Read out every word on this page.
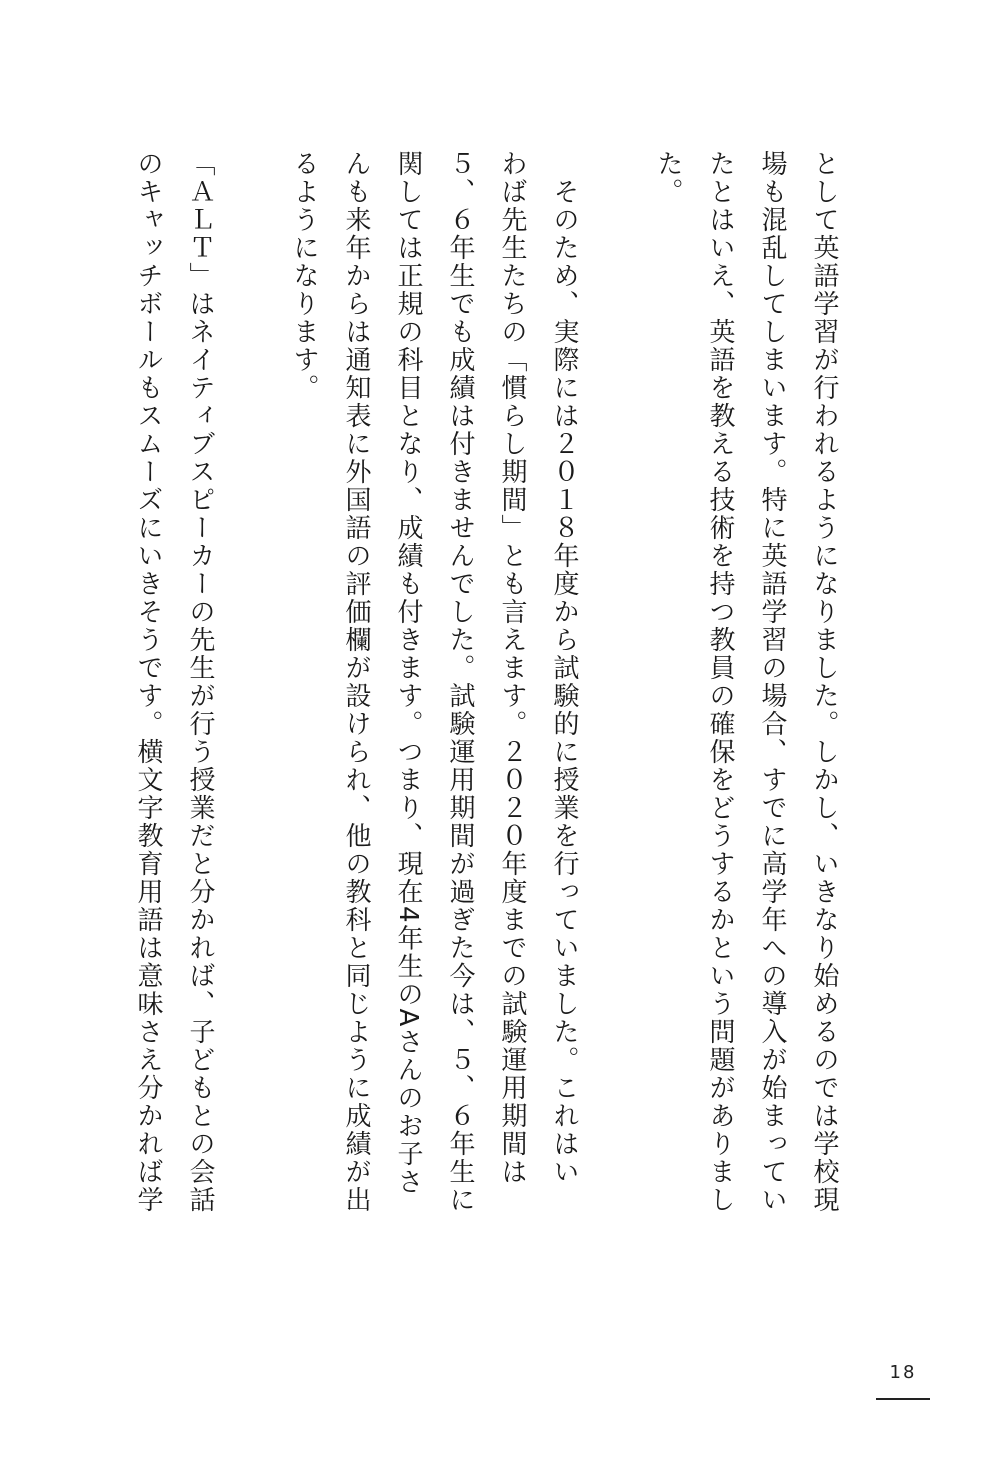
として英語学習が行われるようになりました。しかし、いきなり始めるのでは学校現
場も混乱してしまいます。特に英語学習の場合、すでに高学年への導入が始まってい
たとはいえ、英語を教える技術を持つ教員の確保をどうするかという問題がありまし
た。
　そのため、実際には２０１８年度から試験的に授業を行っていました。これはい
わば先生たちの「慣らし期間」とも言えます。２０２０年度までの試験運用期間は
５、６年生でも成績は付きませんでした。試験運用期間が過ぎた今は、５、６年生に
関しては正規の科目となり、成績も付きます。つまり、現在4年生のAさんのお子さ
んも来年からは通知表に外国語の評価欄が設けられ、他の教科と同じように成績が出
るようになります。
「ＡＬＴ」はネイティブスピーカーの先生が行う授業だと分かれば、子どもとの会話
のキャッチボールもスムーズにいきそうです。横文字教育用語は意味さえ分かれば学
18
